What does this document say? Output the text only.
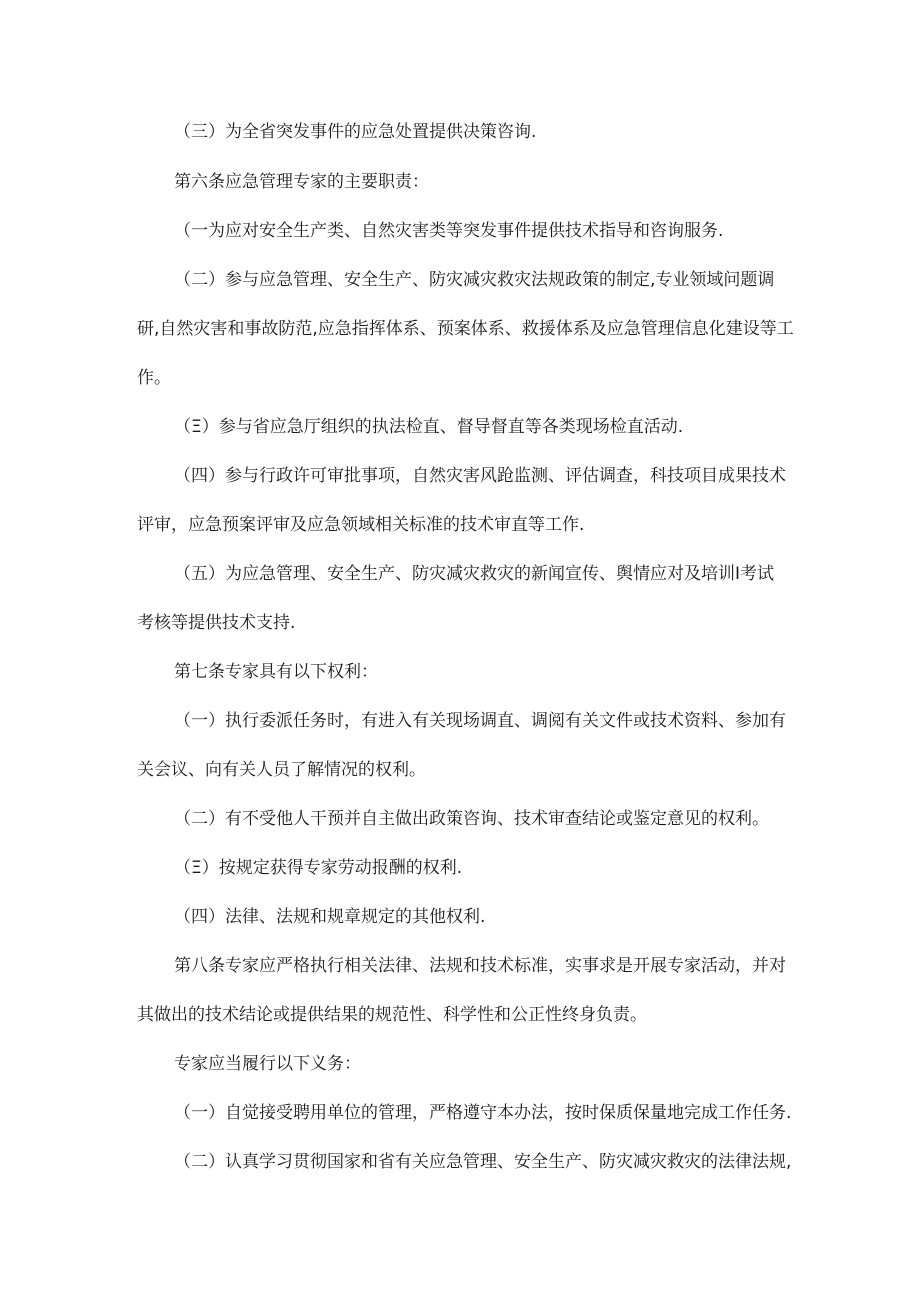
（三）为全省突发事件的应急处置提供决策咨询.

第六条应急管理专家的主要职责：

（一为应对安全生产类、自然灾害类等突发事件提供技术指导和咨询服务.

（二）参与应急管理、安全生产、防灾减灾救灾法规政策的制定,专业领域问题调

研,自然灾害和事故防范,应急指挥体系、预案体系、救援体系及应急管理信息化建设等工

作。

（Ξ）参与省应急厅组织的执法检直、督导督直等各类现场检直活动.

（四）参与行政许可审批事项，自然灾害风跄监测、评估调查，科技项目成果技术

评审，应急预案评审及应急领域相关标准的技术审直等工作.

（五）为应急管理、安全生产、防灾减灾救灾的新闻宣传、舆情应对及培训I考试

考核等提供技术支持.

第七条专家具有以下权利：

（一）执行委派任务时，有进入有关现场调直、调阅有关文件或技术资料、参加有

关会议、向有关人员了解情况的权利。

（二）有不受他人干预并自主做出政策咨询、技术审查结论或鉴定意见的权利。

（Ξ）按规定获得专家劳动报酬的权利.

（四）法律、法规和规章规定的其他权利.

第八条专家应严格执行相关法律、法规和技术标准，实事求是开展专家活动，并对

其做出的技术结论或提供结果的规范性、科学性和公正性终身负责。

专家应当履行以下义务：

（一）自觉接受聘用单位的管理，严格遵守本办法，按时保质保量地完成工作任务.

（二）认真学习贯彻国家和省有关应急管理、安全生产、防灾减灾救灾的法律法规,
